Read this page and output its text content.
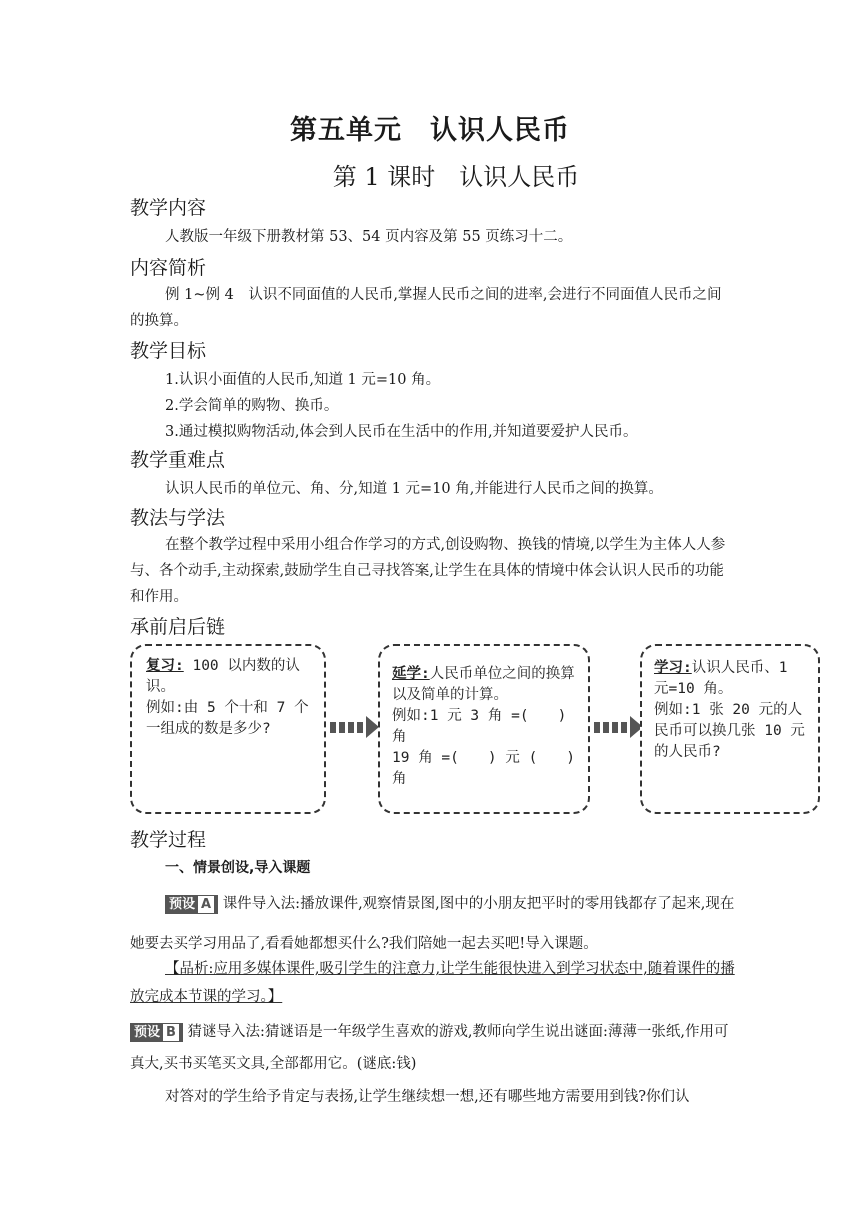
第五单元　认识人民币
第 1 课时　认识人民币
教学内容
人教版一年级下册教材第 53、54 页内容及第 55 页练习十二。
内容简析
例 1~例 4　认识不同面值的人民币,掌握人民币之间的进率,会进行不同面值人民币之间的换算。
教学目标
1.认识小面值的人民币,知道 1 元=10 角。
2.学会简单的购物、换币。
3.通过模拟购物活动,体会到人民币在生活中的作用,并知道要爱护人民币。
教学重难点
认识人民币的单位元、角、分,知道 1 元=10 角,并能进行人民币之间的换算。
教法与学法
在整个教学过程中采用小组合作学习的方式,创设购物、换钱的情境,以学生为主体人人参与、各个动手,主动探索,鼓励学生自己寻找答案,让学生在具体的情境中体会认识人民币的功能和作用。
承前启后链
复习: 100 以内数的认识。
例如:由 5 个十和 7 个一组成的数是多少?
延学:人民币单位之间的换算以及简单的计算。
例如:1 元 3 角 =(　　) 角
19 角 =(　　) 元 (　　) 角
学习:认识人民币、1 元=10 角。
例如:1 张 20 元的人民币可以换几张 10 元的人民币?
教学过程
一、情景创设,导入课题
预设 A 课件导入法:播放课件,观察情景图,图中的小朋友把平时的零用钱都存了起来,现在她要去买学习用品了,看看她都想买什么?我们陪她一起去买吧!导入课题。
【品析:应用多媒体课件,吸引学生的注意力,让学生能很快进入到学习状态中,随着课件的播放完成本节课的学习。】
预设 B 猜谜导入法:猜谜语是一年级学生喜欢的游戏,教师向学生说出谜面:薄薄一张纸,作用可真大,买书买笔买文具,全部都用它。(谜底:钱)
对答对的学生给予肯定与表扬,让学生继续想一想,还有哪些地方需要用到钱?你们认
